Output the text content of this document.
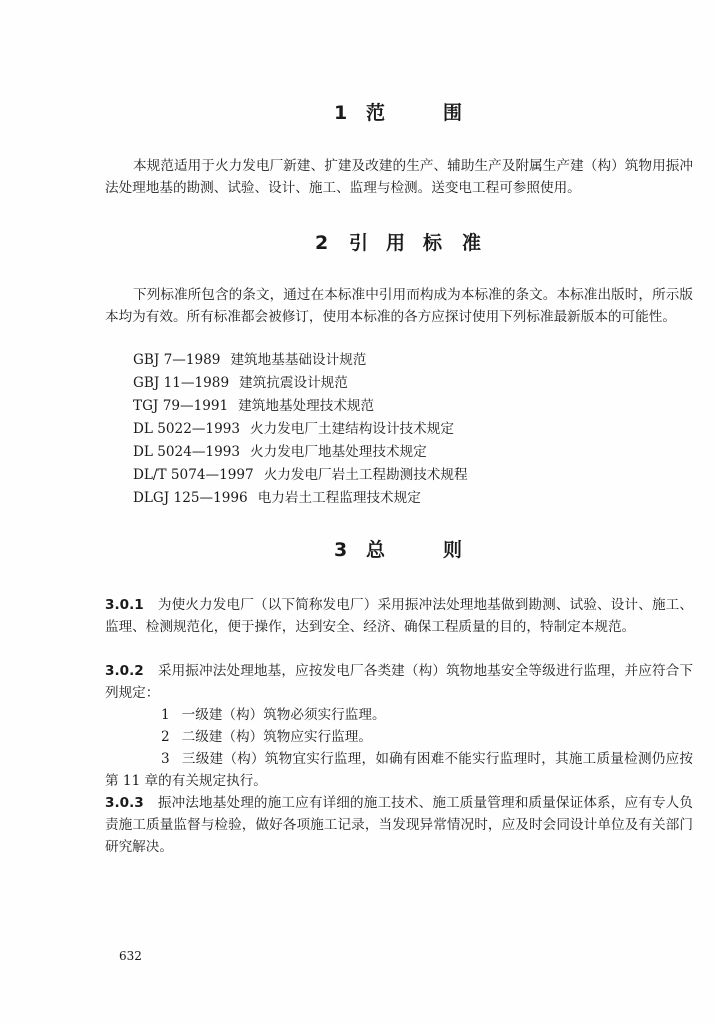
1 范	围

本规范适用于火力发电厂新建、扩建及改建的生产、辅助生产及附属生产建（构）筑物用振冲法处理地基的勘测、试验、设计、施工、监理与检测。送变电工程可参照使用。

2 引 用 标 准

下列标准所包含的条文，通过在本标准中引用而构成为本标准的条文。本标准出版时，所示版本均为有效。所有标准都会被修订，使用本标准的各方应探讨使用下列标准最新版本的可能性。

GBJ 7—1989 建筑地基基础设计规范
GBJ 11—1989 建筑抗震设计规范
TGJ 79—1991 建筑地基处理技术规范
DL 5022—1993 火力发电厂土建结构设计技术规定
DL 5024—1993 火力发电厂地基处理技术规定
DL/T 5074—1997 火力发电厂岩土工程勘测技术规程
DLGJ 125—1996 电力岩土工程监理技术规定
3 总	则

3.0.1 为使火力发电厂（以下简称发电厂）采用振冲法处理地基做到勘测、试验、设计、施工、监理、检测规范化，便于操作，达到安全、经济、确保工程质量的目的，特制定本规范。

3.0.2 采用振冲法处理地基，应按发电厂各类建（构）筑物地基安全等级进行监理，并应符合下列规定：

1 一级建（构）筑物必须实行监理。

2 二级建（构）筑物应实行监理。

3 三级建（构）筑物宜实行监理，如确有困难不能实行监理时，其施工质量检测仍应按第 11 章的有关规定执行。

3.0.3 振冲法地基处理的施工应有详细的施工技术、施工质量管理和质量保证体系，应有专人负责施工质量监督与检验，做好各项施工记录，当发现异常情况时，应及时会同设计单位及有关部门研究解决。

632
